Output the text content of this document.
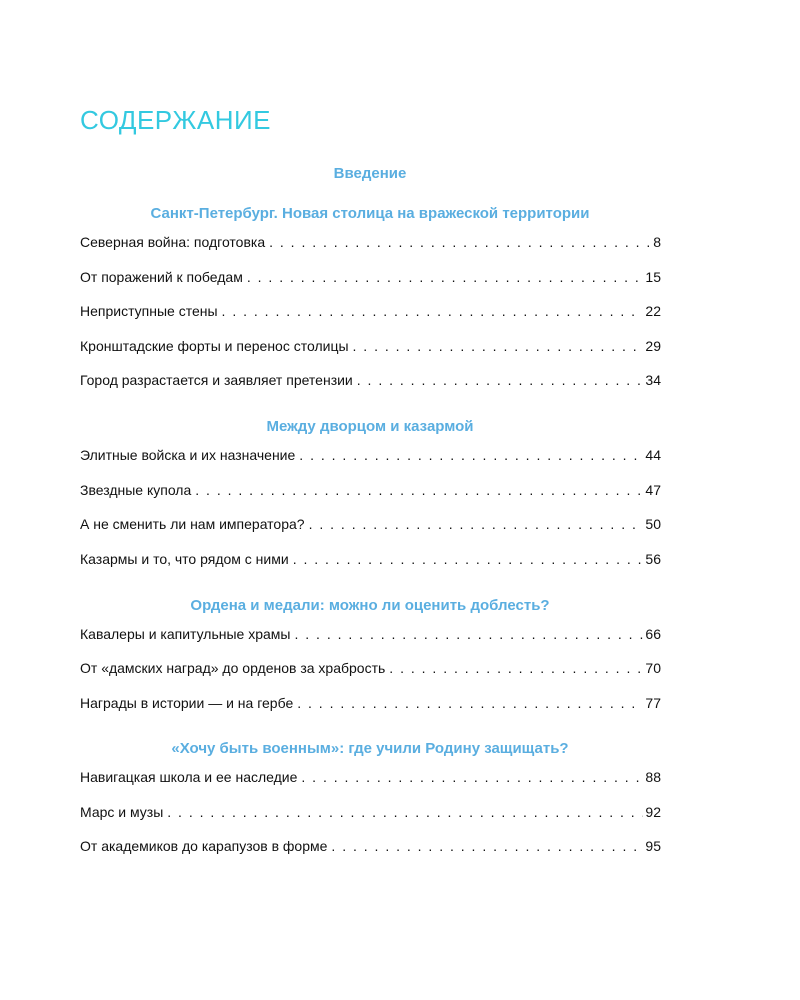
СОДЕРЖАНИЕ
Введение
Санкт-Петербург. Новая столица на вражеской территории
Северная война: подготовка . . .	8
От поражений к победам . . .	15
Неприступные стены . . .	22
Кронштадские форты и перенос столицы . . .	29
Город разрастается и заявляет претензии . . .	34
Между дворцом и казармой
Элитные войска и их назначение . . .	44
Звездные купола . . .	47
А не сменить ли нам императора? . . .	50
Казармы и то, что рядом с ними . . .	56
Ордена и медали: можно ли оценить доблесть?
Кавалеры и капитульные храмы . . .	66
От «дамских наград» до орденов за храбрость . . .	70
Награды в истории — и на гербе . . .	77
«Хочу быть военным»: где учили Родину защищать?
Навигацкая школа и ее наследие . . .	88
Марс и музы . . .	92
От академиков до карапузов в форме . . .	95
